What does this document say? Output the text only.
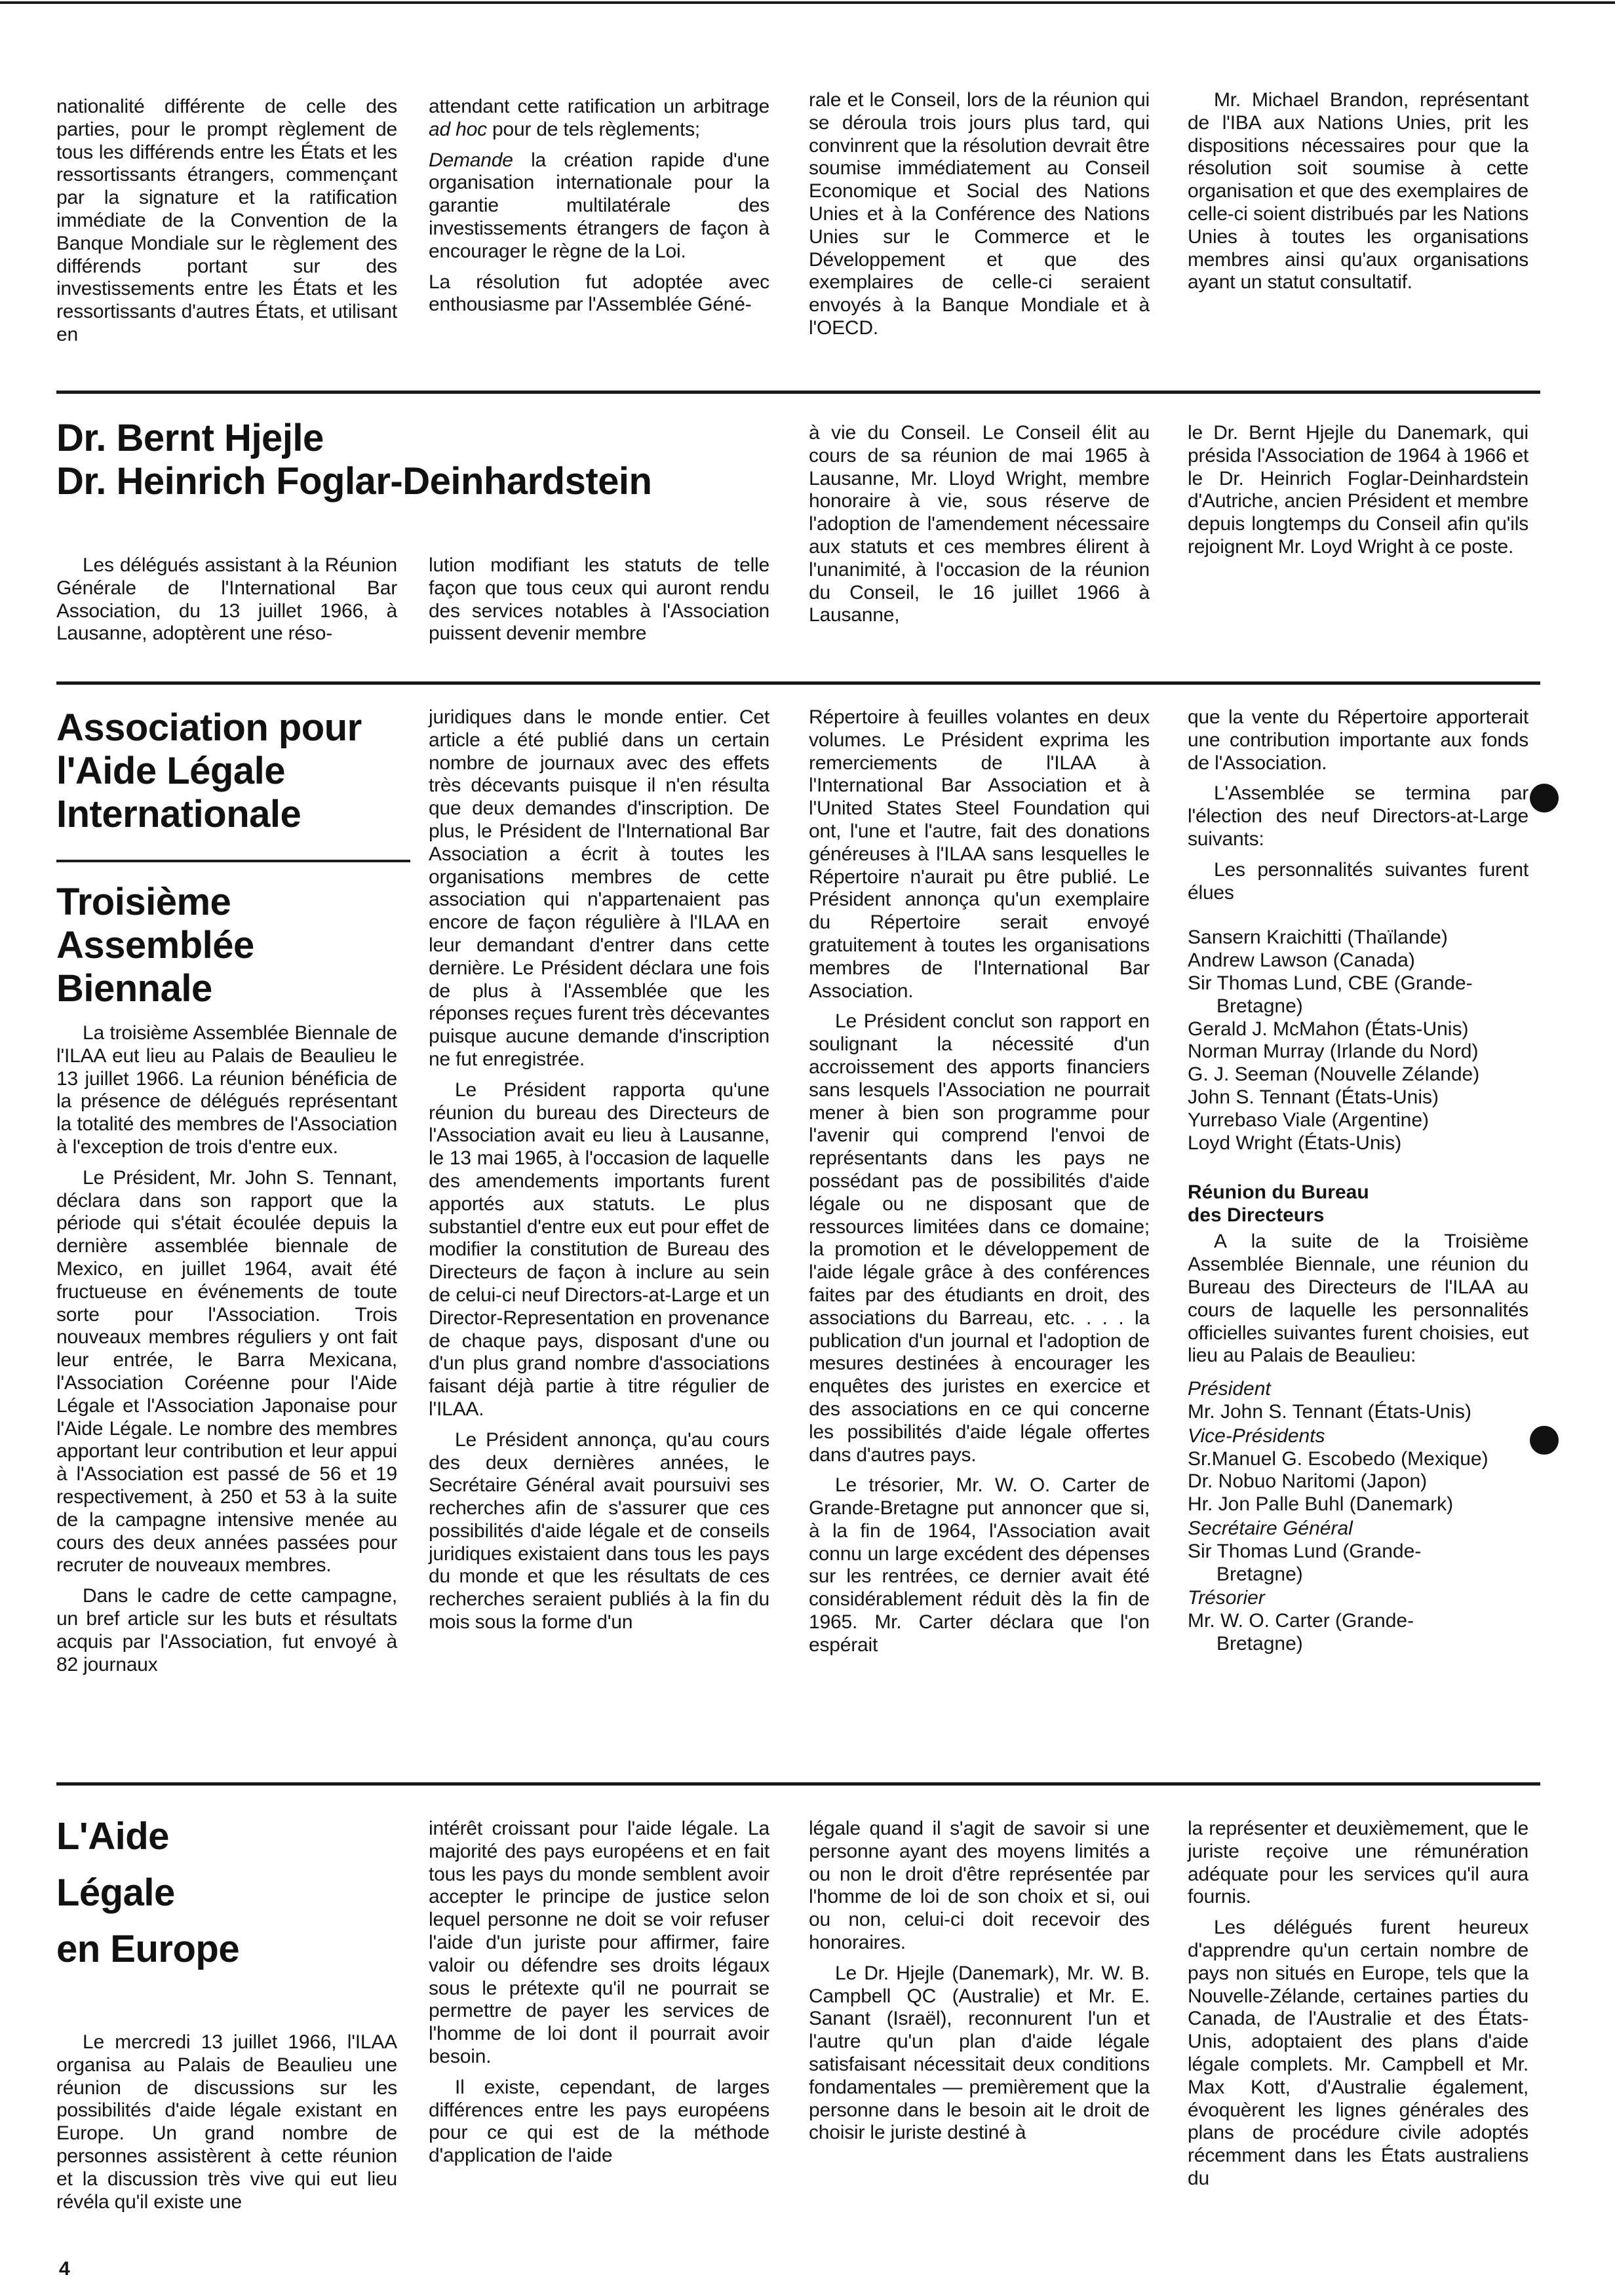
nationalité différente de celle des parties, pour le prompt règlement de tous les différends entre les États et les ressortissants étrangers, commençant par la signature et la ratification immédiate de la Convention de la Banque Mondiale sur le règlement des différends portant sur des investissements entre les États et les ressortissants d'autres États, et utilisant en

attendant cette ratification un arbitrage ad hoc pour de tels règlements;

Demande la création rapide d'une organisation internationale pour la garantie multilatérale des investissements étrangers de façon à encourager le règne de la Loi.

La résolution fut adoptée avec enthousiasme par l'Assemblée Géné-

rale et le Conseil, lors de la réunion qui se déroula trois jours plus tard, qui convinrent que la résolution devrait être soumise immédiatement au Conseil Economique et Social des Nations Unies et à la Conférence des Nations Unies sur le Commerce et le Développement et que des exemplaires de celle-ci seraient envoyés à la Banque Mondiale et à l'OECD.

Mr. Michael Brandon, représentant de l'IBA aux Nations Unies, prit les dispositions nécessaires pour que la résolution soit soumise à cette organisation et que des exemplaires de celle-ci soient distribués par les Nations Unies à toutes les organisations membres ainsi qu'aux organisations ayant un statut consultatif.

Dr. Bernt Hjejle
Dr. Heinrich Foglar-Deinhardstein

Les délégués assistant à la Réunion Générale de l'International Bar Association, du 13 juillet 1966, à Lausanne, adoptèrent une réso-

lution modifiant les statuts de telle façon que tous ceux qui auront rendu des services notables à l'Association puissent devenir membre

à vie du Conseil. Le Conseil élit au cours de sa réunion de mai 1965 à Lausanne, Mr. Lloyd Wright, membre honoraire à vie, sous réserve de l'adoption de l'amendement nécessaire aux statuts et ces membres élirent à l'unanimité, à l'occasion de la réunion du Conseil, le 16 juillet 1966 à Lausanne,

le Dr. Bernt Hjejle du Danemark, qui présida l'Association de 1964 à 1966 et le Dr. Heinrich Foglar-Deinhardstein d'Autriche, ancien Président et membre depuis longtemps du Conseil afin qu'ils rejoignent Mr. Loyd Wright à ce poste.

Association pour l'Aide Légale Internationale
Troisième Assemblée Biennale

La troisième Assemblée Biennale de l'ILAA eut lieu au Palais de Beaulieu le 13 juillet 1966. La réunion bénéficia de la présence de délégués représentant la totalité des membres de l'Association à l'exception de trois d'entre eux.

Le Président, Mr. John S. Tennant, déclara dans son rapport que la période qui s'était écoulée depuis la dernière assemblée biennale de Mexico, en juillet 1964, avait été fructueuse en événements de toute sorte pour l'Association. Trois nouveaux membres réguliers y ont fait leur entrée, le Barra Mexicana, l'Association Coréenne pour l'Aide Légale et l'Association Japonaise pour l'Aide Légale. Le nombre des membres apportant leur contribution et leur appui à l'Association est passé de 56 et 19 respectivement, à 250 et 53 à la suite de la campagne intensive menée au cours des deux années passées pour recruter de nouveaux membres.

Dans le cadre de cette campagne, un bref article sur les buts et résultats acquis par l'Association, fut envoyé à 82 journaux

juridiques dans le monde entier. Cet article a été publié dans un certain nombre de journaux avec des effets très décevants puisque il n'en résulta que deux demandes d'inscription. De plus, le Président de l'International Bar Association a écrit à toutes les organisations membres de cette association qui n'appartenaient pas encore de façon régulière à l'ILAA en leur demandant d'entrer dans cette dernière. Le Président déclara une fois de plus à l'Assemblée que les réponses reçues furent très décevantes puisque aucune demande d'inscription ne fut enregistrée.

Le Président rapporta qu'une réunion du bureau des Directeurs de l'Association avait eu lieu à Lausanne, le 13 mai 1965, à l'occasion de laquelle des amendements importants furent apportés aux statuts. Le plus substantiel d'entre eux eut pour effet de modifier la constitution de Bureau des Directeurs de façon à inclure au sein de celui-ci neuf Directors-at-Large et un Director-Representation en provenance de chaque pays, disposant d'une ou d'un plus grand nombre d'associations faisant déjà partie à titre régulier de l'ILAA.

Le Président annonça, qu'au cours des deux dernières années, le Secrétaire Général avait poursuivi ses recherches afin de s'assurer que ces possibilités d'aide légale et de conseils juridiques existaient dans tous les pays du monde et que les résultats de ces recherches seraient publiés à la fin du mois sous la forme d'un

Répertoire à feuilles volantes en deux volumes. Le Président exprima les remerciements de l'ILAA à l'International Bar Association et à l'United States Steel Foundation qui ont, l'une et l'autre, fait des donations généreuses à l'ILAA sans lesquelles le Répertoire n'aurait pu être publié. Le Président annonça qu'un exemplaire du Répertoire serait envoyé gratuitement à toutes les organisations membres de l'International Bar Association.

Le Président conclut son rapport en soulignant la nécessité d'un accroissement des apports financiers sans lesquels l'Association ne pourrait mener à bien son programme pour l'avenir qui comprend l'envoi de représentants dans les pays ne possédant pas de possibilités d'aide légale ou ne disposant que de ressources limitées dans ce domaine; la promotion et le développement de l'aide légale grâce à des conférences faites par des étudiants en droit, des associations du Barreau, etc. . . . la publication d'un journal et l'adoption de mesures destinées à encourager les enquêtes des juristes en exercice et des associations en ce qui concerne les possibilités d'aide légale offertes dans d'autres pays.

Le trésorier, Mr. W. O. Carter de Grande-Bretagne put annoncer que si, à la fin de 1964, l'Association avait connu un large excédent des dépenses sur les rentrées, ce dernier avait été considérablement réduit dès la fin de 1965. Mr. Carter déclara que l'on espérait

que la vente du Répertoire apporterait une contribution importante aux fonds de l'Association.

L'Assemblée se termina par l'élection des neuf Directors-at-Large suivants:

Les personnalités suivantes furent élues

Sansern Kraichitti (Thaïlande)

Andrew Lawson (Canada)

Sir Thomas Lund, CBE (Grande-

Bretagne)

Gerald J. McMahon (États-Unis)

Norman Murray (Irlande du Nord)

G. J. Seeman (Nouvelle Zélande)

John S. Tennant (États-Unis)

Yurrebaso Viale (Argentine)

Loyd Wright (États-Unis)

Réunion du Bureau
des Directeurs

A la suite de la Troisième Assemblée Biennale, une réunion du Bureau des Directeurs de l'ILAA au cours de laquelle les personnalités officielles suivantes furent choisies, eut lieu au Palais de Beaulieu:

Président

Mr. John S. Tennant (États-Unis)

Vice-Présidents

Sr.Manuel G. Escobedo (Mexique)

Dr. Nobuo Naritomi (Japon)

Hr. Jon Palle Buhl (Danemark)

Secrétaire Général

Sir Thomas Lund (Grande-

Bretagne)

Trésorier

Mr. W. O. Carter (Grande-

Bretagne)

L'Aide
Légale
en Europe

Le mercredi 13 juillet 1966, l'ILAA organisa au Palais de Beaulieu une réunion de discussions sur les possibilités d'aide légale existant en Europe. Un grand nombre de personnes assistèrent à cette réunion et la discussion très vive qui eut lieu révéla qu'il existe une

intérêt croissant pour l'aide légale. La majorité des pays européens et en fait tous les pays du monde semblent avoir accepter le principe de justice selon lequel personne ne doit se voir refuser l'aide d'un juriste pour affirmer, faire valoir ou défendre ses droits légaux sous le prétexte qu'il ne pourrait se permettre de payer les services de l'homme de loi dont il pourrait avoir besoin.

Il existe, cependant, de larges différences entre les pays européens pour ce qui est de la méthode d'application de l'aide

légale quand il s'agit de savoir si une personne ayant des moyens limités a ou non le droit d'être représentée par l'homme de loi de son choix et si, oui ou non, celui-ci doit recevoir des honoraires.

Le Dr. Hjejle (Danemark), Mr. W. B. Campbell QC (Australie) et Mr. E. Sanant (Israël), reconnurent l'un et l'autre qu'un plan d'aide légale satisfaisant nécessitait deux conditions fondamentales — premièrement que la personne dans le besoin ait le droit de choisir le juriste destiné à

la représenter et deuxièmement, que le juriste reçoive une rémunération adéquate pour les services qu'il aura fournis.

Les délégués furent heureux d'apprendre qu'un certain nombre de pays non situés en Europe, tels que la Nouvelle-Zélande, certaines parties du Canada, de l'Australie et des États-Unis, adoptaient des plans d'aide légale complets. Mr. Campbell et Mr. Max Kott, d'Australie également, évoquèrent les lignes générales des plans de procédure civile adoptés récemment dans les États australiens du

4
